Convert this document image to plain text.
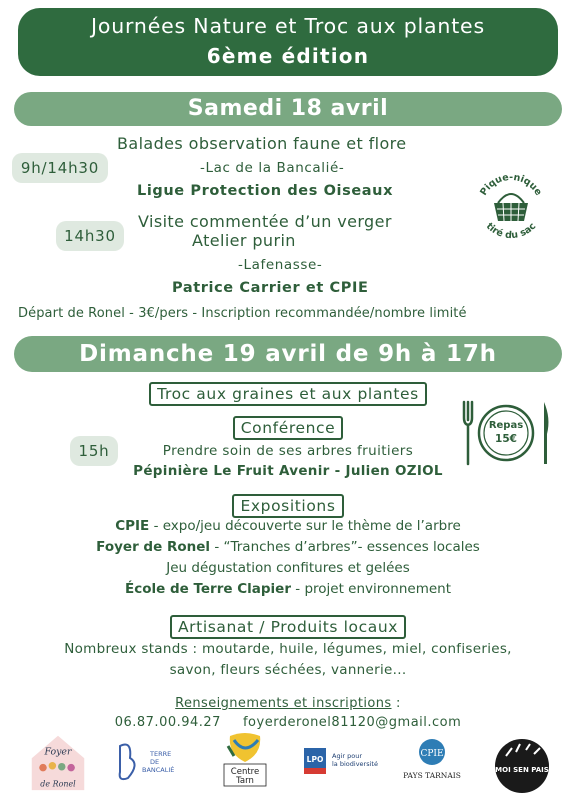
Journées Nature et Troc aux plantes
6ème édition
Samedi 18 avril
9h/14h30
Balades observation faune et flore
-Lac de la Bancalié-
Ligue Protection des Oiseaux
14h30
Visite commentée d’un verger
Atelier purin
-Lafenasse-
Patrice Carrier et CPIE
Départ de Ronel - 3€/pers - Inscription recommandée/nombre limité
Pique-nique
tiré du sac
Dimanche 19 avril de 9h à 17h
Troc aux graines et aux plantes
Conférence
15h	Prendre soin de ses arbres fruitiers
Pépinière Le Fruit Avenir - Julien OZIOL
Repas
15€
Expositions
CPIE - expo/jeu découverte sur le thème de l’arbre
Foyer de Ronel - “Tranches d’arbres”- essences locales
Jeu dégustation confitures et gelées
École de Terre Clapier - projet environnement
Artisanat / Produits locaux
Nombreux stands : moutarde, huile, légumes, miel, confiseries,
savon, fleurs séchées, vannerie...
Renseignements et inscriptions :
06.87.00.94.27 foyerderonel81120@gmail.com
Foyer
de Ronel
TERRE
DE
BANCALIÉ	Centre
Tarn
LPO Agir pour
la biodiversité
CPIE
PAYS TARNAIS
MOI SEN PAIS
